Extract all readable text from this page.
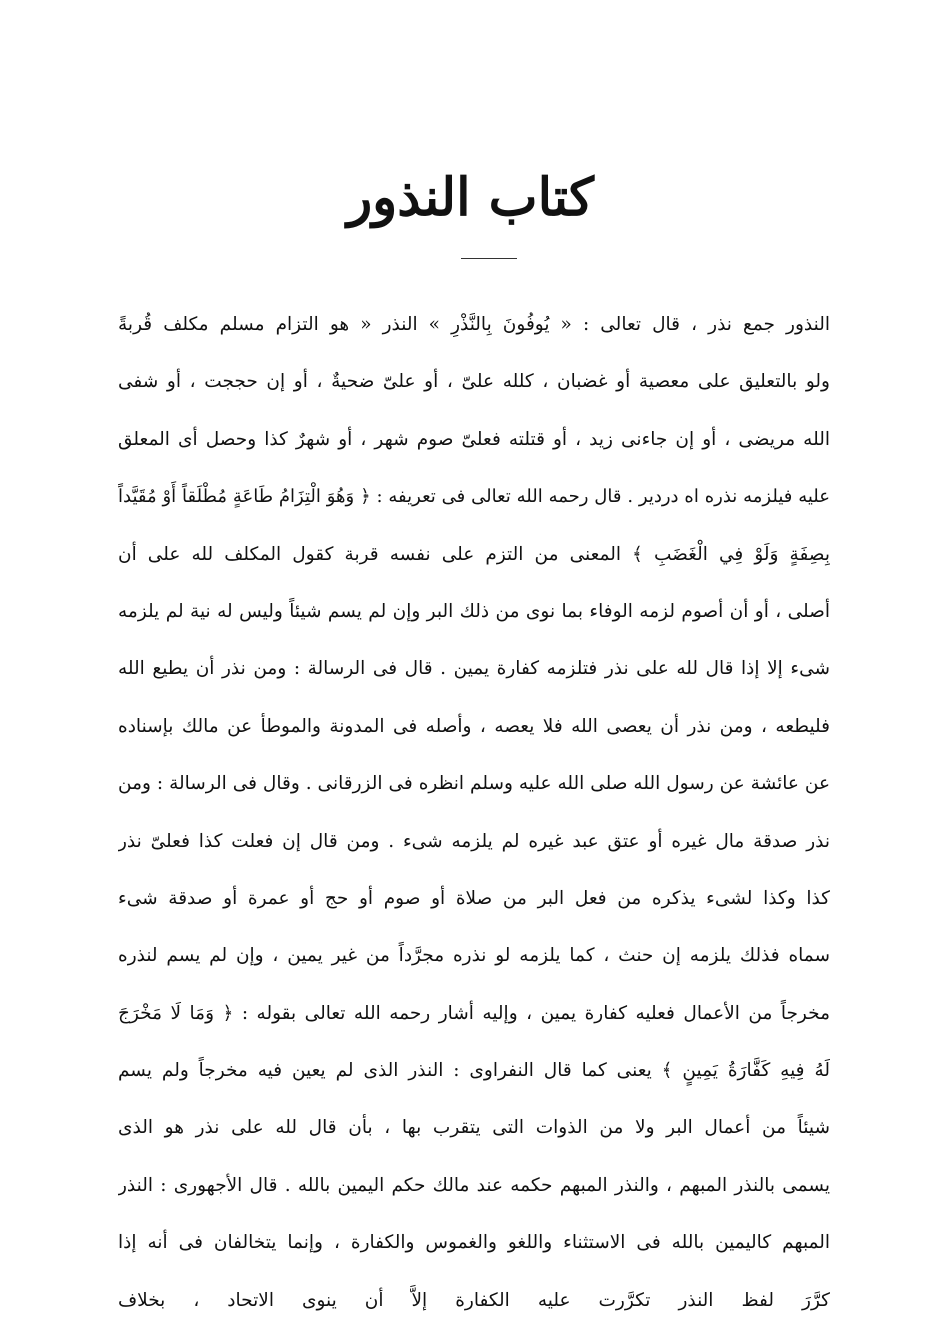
كتاب النذور
النذور جمع نذر ، قال تعالى : « يُوفُونَ بِالنَّذْرِ » النذر « هو التزام مسلم مكلف قُربةً
ولو بالتعليق على معصية أو غضبان ، كلله علىّ ، أو علىّ ضحيةٌ ، أو إن حججت ، أو شفى
الله مريضى ، أو إن جاءنى زيد ، أو قتلته فعلىّ صوم شهر ، أو شهرٌ كذا وحصل أى المعلق
عليه فيلزمه نذره اه دردير . قال رحمه الله تعالى فى تعريفه : ﴿ وَهُوَ الْتِزَامُ طَاعَةٍ مُطْلَقاً أَوْ مُقَيَّداً
بِصِفَةٍ وَلَوْ فِي الْغَضَبِ ﴾ المعنى من التزم على نفسه قربة كقول المكلف لله على أن
أصلى ، أو أن أصوم لزمه الوفاء بما نوى من ذلك البر وإن لم يسم شيئاً وليس له نية لم يلزمه
شىء إلا إذا قال لله على نذر فتلزمه كفارة يمين . قال فى الرسالة : ومن نذر أن يطيع الله
فليطعه ، ومن نذر أن يعصى الله فلا يعصه ، وأصله فى المدونة والموطأ عن مالك بإسناده
عن عائشة عن رسول الله صلى الله عليه وسلم انظره فى الزرقانى . وقال فى الرسالة : ومن
نذر صدقة مال غيره أو عتق عبد غيره لم يلزمه شىء . ومن قال إن فعلت كذا فعلىّ نذر
كذا وكذا لشىء يذكره من فعل البر من صلاة أو صوم أو حج أو عمرة أو صدقة شىء
سماه فذلك يلزمه إن حنث ، كما يلزمه لو نذره مجرَّداً من غير يمين ، وإن لم يسم لنذره
مخرجاً من الأعمال فعليه كفارة يمين ، وإليه أشار رحمه الله تعالى بقوله : ﴿ وَمَا لَا مَخْرَجَ
لَهُ فِيهِ كَفَّارَةُ يَمِينٍ ﴾ يعنى كما قال النفراوى : النذر الذى لم يعين فيه مخرجاً ولم يسم
شيئاً من أعمال البر ولا من الذوات التى يتقرب بها ، بأن قال لله على نذر هو الذى
يسمى بالنذر المبهم ، والنذر المبهم حكمه عند مالك حكم اليمين بالله . قال الأجهورى : النذر
المبهم كاليمين بالله فى الاستثناء واللغو والغموس والكفارة ، وإنما يتخالفان فى أنه إذا
كرَّرَ لفظ النذر تكرَّرت عليه الكفارة إلاَّ أن ينوى الاتحاد ، بخلاف
